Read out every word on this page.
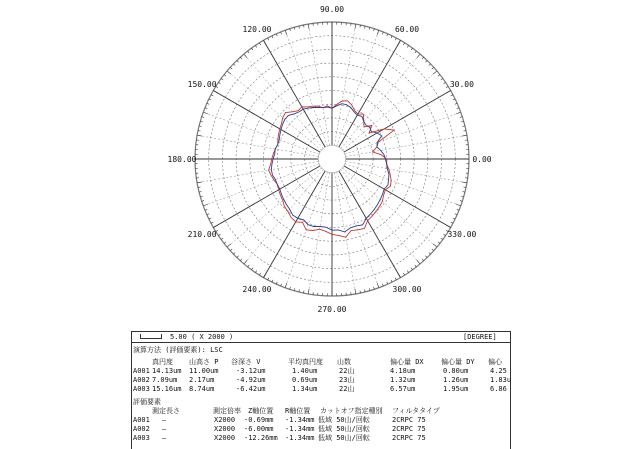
0.00
30.00
60.00
90.00
120.00
150.00
180.00
210.00
240.00
270.00
300.00
330.00
5.00 ( X 2000 )	[DEGREE]
演算方法 (評価要素): LSC
真円度 山高さ P 谷深さ V	平均真円度 山数	偏心量 DX 偏心量 DY 偏心
A001 14.13um 11.00um -3.12um	1.40um	22山	4.18um	0.80um	4.25
A002 7.09um 2.17um	-4.92um	0.69um	23山	1.32um	1.26um	1.83u
A003 15.16um 8.74um	-6.42um	1.34um	22山	6.57um	1.95um	6.86
評価要素
測定長さ	測定倍率 Z軸位置 R軸位置 カットオフ指定種別 フィルタタイプ
A001 —	X2000 -0.69mm -1.34mm 低域 50山/回転	2CRPC 75
A002 —	X2000 -6.00mm -1.34mm 低域 50山/回転	2CRPC 75
A003 —	X2000 -12.26mm -1.34mm 低域 50山/回転	2CRPC 75
